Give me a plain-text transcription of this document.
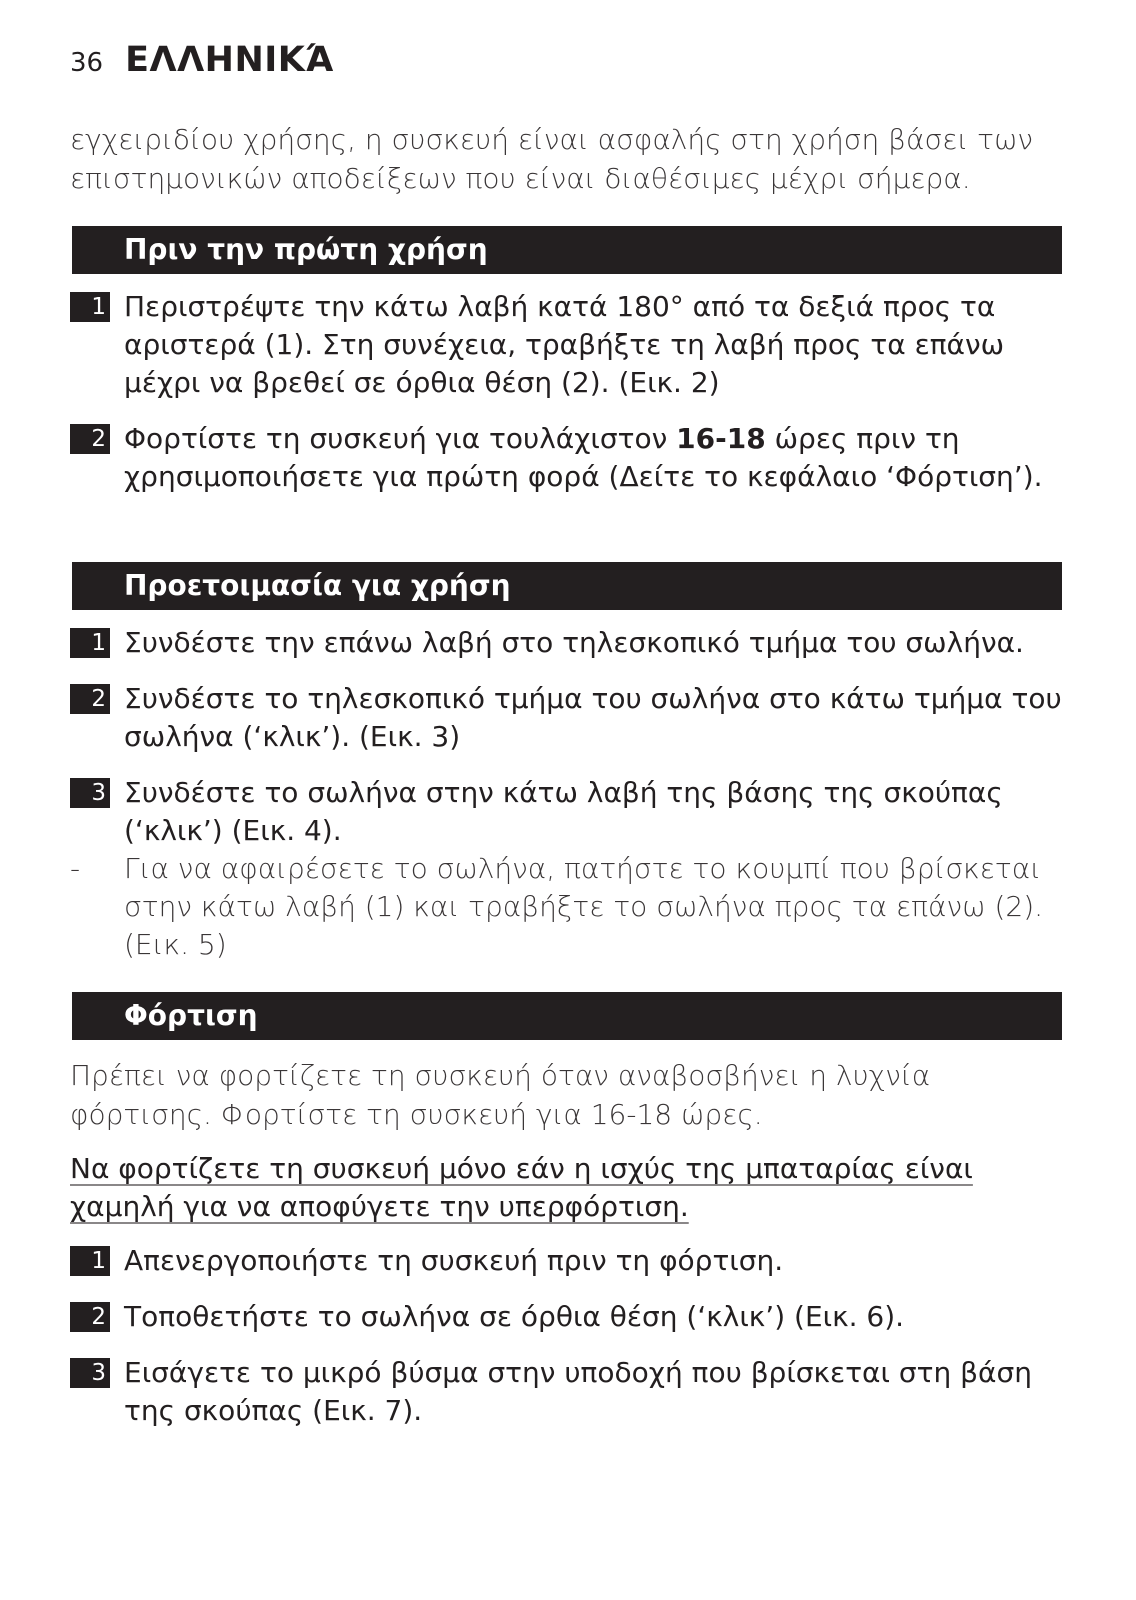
36 ΕΛΛΗΝΙΚΆ

εγχειριδίου χρήσης, η συσκευή είναι ασφαλής στη χρήση βάσει των επιστημονικών αποδείξεων που είναι διαθέσιμες μέχρι σήμερα.

Πριν την πρώτη χρήση
1 Περιστρέψτε την κάτω λαβή κατά 180° από τα δεξιά προς τα αριστερά (1). Στη συνέχεια, τραβήξτε τη λαβή προς τα επάνω μέχρι να βρεθεί σε όρθια θέση (2). (Εικ. 2)

2 Φορτίστε τη συσκευή για τουλάχιστον 16-18 ώρες πριν τη χρησιμοποιήσετε για πρώτη φορά (Δείτε το κεφάλαιο ‘Φόρτιση’).

Προετοιμασία για χρήση
1 Συνδέστε την επάνω λαβή στο τηλεσκοπικό τμήμα του σωλήνα.

2 Συνδέστε το τηλεσκοπικό τμήμα του σωλήνα στο κάτω τμήμα του σωλήνα (‘κλικ’). (Εικ. 3)

3 Συνδέστε το σωλήνα στην κάτω λαβή της βάσης της σκούπας (‘κλικ’) (Εικ. 4).

- Για να αφαιρέσετε το σωλήνα, πατήστε το κουμπί που βρίσκεται στην κάτω λαβή (1) και τραβήξτε το σωλήνα προς τα επάνω (2). (Εικ. 5)

Φόρτιση

Πρέπει να φορτίζετε τη συσκευή όταν αναβοσβήνει η λυχνία φόρτισης. Φορτίστε τη συσκευή για 16-18 ώρες.

Να φορτίζετε τη συσκευή μόνο εάν η ισχύς της μπαταρίας είναι χαμηλή για να αποφύγετε την υπερφόρτιση.

1 Απενεργοποιήστε τη συσκευή πριν τη φόρτιση.

2 Τοποθετήστε το σωλήνα σε όρθια θέση (‘κλικ’) (Εικ. 6).

3 Εισάγετε το μικρό βύσμα στην υποδοχή που βρίσκεται στη βάση της σκούπας (Εικ. 7).
